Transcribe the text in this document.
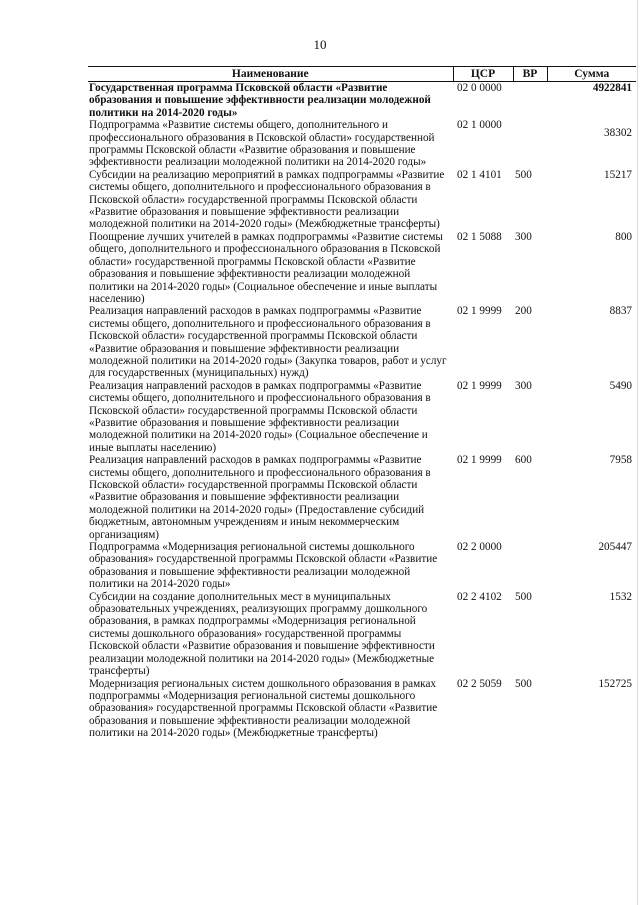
10
Наименование	ЦСР	ВР	Сумма
Государственная программа Псковской области «Развитие образования и повышение эффективности реализации молодежной политики на 2014-2020 годы»	02 0 0000		4922841
Подпрограмма «Развитие системы общего, дополнительного и профессионального образования в Псковской области» государственной программы Псковской области «Развитие образования и повышение эффективности реализации молодежной политики на 2014-2020 годы»	02 1 0000		38302
Субсидии на реализацию мероприятий в рамках подпрограммы «Развитие системы общего, дополнительного и профессионального образования в Псковской области» государственной программы Псковской области «Развитие образования и повышение эффективности реализации молодежной политики на 2014-2020 годы» (Межбюджетные трансферты)	02 1 4101	500	15217
Поощрение лучших учителей в рамках подпрограммы «Развитие системы общего, дополнительного и профессионального образования в Псковской области» государственной программы Псковской области «Развитие образования и повышение эффективности реализации молодежной политики на 2014-2020 годы» (Социальное обеспечение и иные выплаты населению)	02 1 5088	300	800
Реализация направлений расходов в рамках подпрограммы «Развитие системы общего, дополнительного и профессионального образования в Псковской области» государственной программы Псковской области «Развитие образования и повышение эффективности реализации молодежной политики на 2014-2020 годы» (Закупка товаров, работ и услуг для государственных (муниципальных) нужд)	02 1 9999	200	8837
Реализация направлений расходов в рамках подпрограммы «Развитие системы общего, дополнительного и профессионального образования в Псковской области» государственной программы Псковской области «Развитие образования и повышение эффективности реализации молодежной политики на 2014-2020 годы» (Социальное обеспечение и иные выплаты населению)	02 1 9999	300	5490
Реализация направлений расходов в рамках подпрограммы «Развитие системы общего, дополнительного и профессионального образования в Псковской области» государственной программы Псковской области «Развитие образования и повышение эффективности реализации молодежной политики на 2014-2020 годы» (Предоставление субсидий бюджетным, автономным учреждениям и иным некоммерческим организациям)	02 1 9999	600	7958
Подпрограмма «Модернизация региональной системы дошкольного образования» государственной программы Псковской области «Развитие образования и повышение эффективности реализации молодежной политики на 2014-2020 годы»	02 2 0000		205447
Субсидии на создание дополнительных мест в муниципальных образовательных учреждениях, реализующих программу дошкольного образования, в рамках подпрограммы «Модернизация региональной системы дошкольного образования» государственной программы Псковской области «Развитие образования и повышение эффективности реализации молодежной политики на 2014-2020 годы» (Межбюджетные трансферты)	02 2 4102	500	1532
Модернизация региональных систем дошкольного образования в рамках подпрограммы «Модернизация региональной системы дошкольного образования» государственной программы Псковской области «Развитие образования и повышение эффективности реализации молодежной политики на 2014-2020 годы» (Межбюджетные трансферты)	02 2 5059	500	152725
